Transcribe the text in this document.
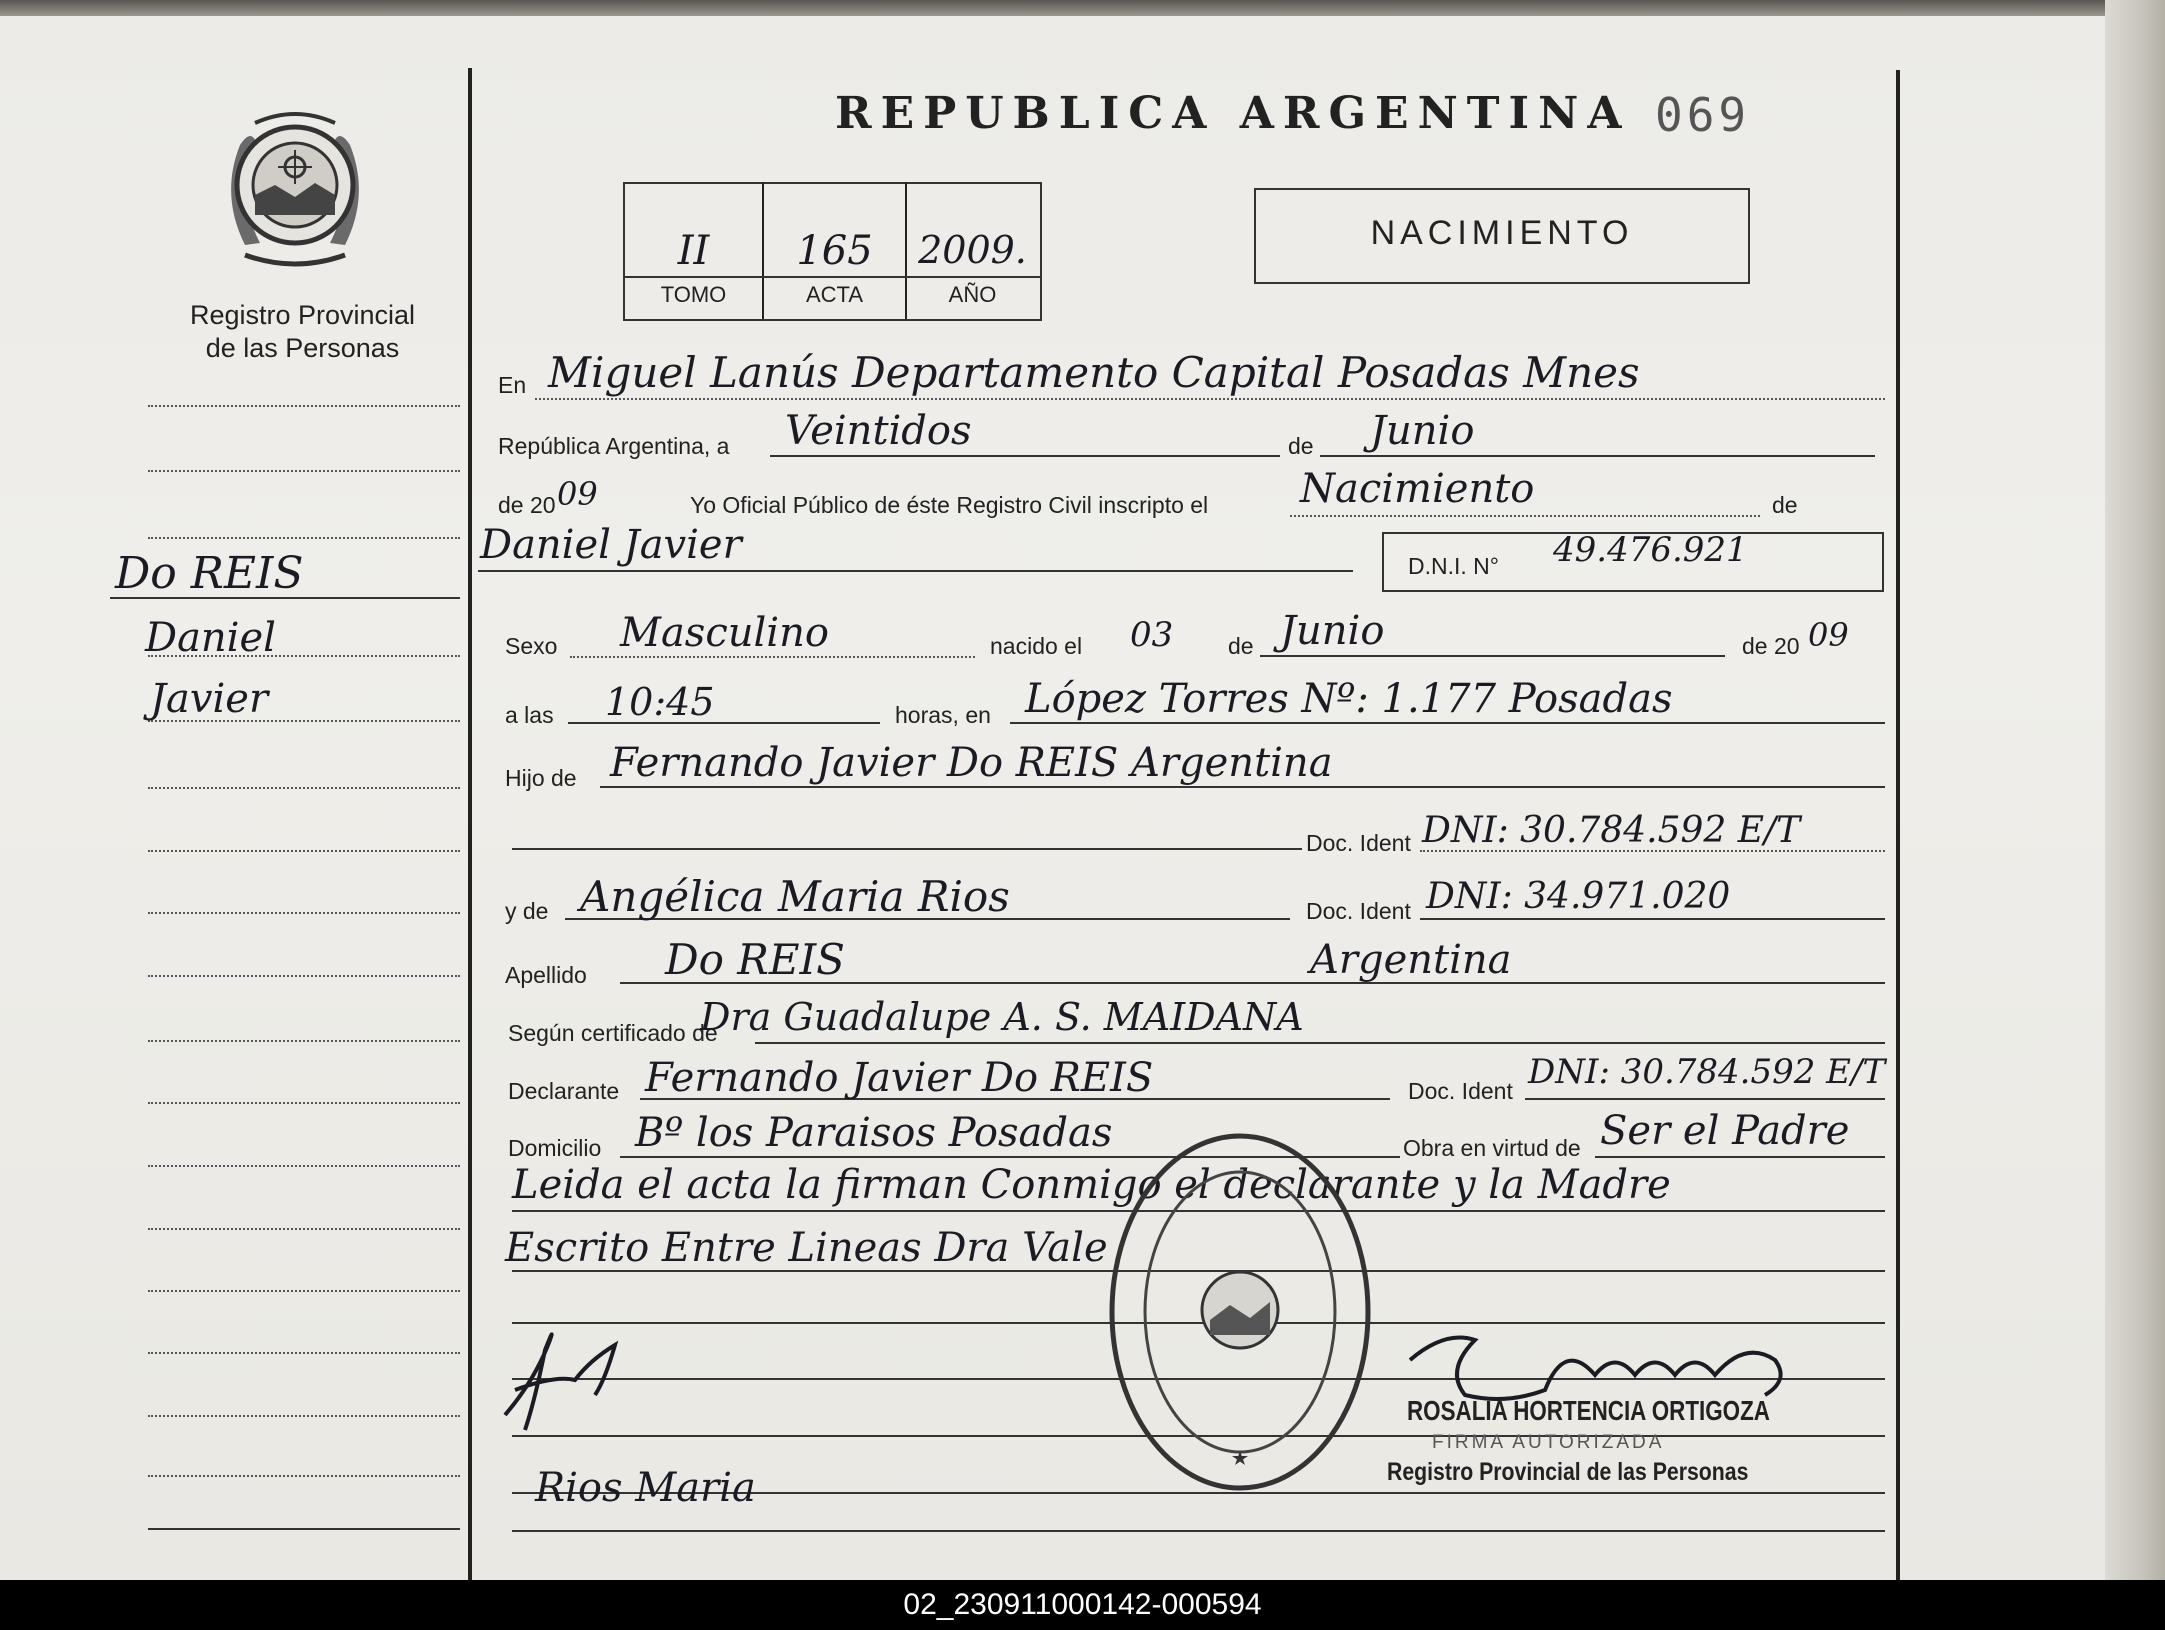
Registro Provincial
de las Personas
REPUBLICA ARGENTINA 069
II	165	2009.
TOMO	ACTA	AÑO
NACIMIENTO
Do REIS
Daniel
Javier
En Miguel Lanús Departamento Capital Posadas Mnes
República Argentina, a Veintidos	de Junio
de 20 09	Yo Oficial Público de éste Registro Civil inscripto el Nacimiento	de
Daniel Javier	D.N.I. N° 49.476.921
Sexo Masculino	nacido el 03 de Junio	de 20 09
a las 10:45	horas, en López Torres Nº: 1.177 Posadas
Hijo de Fernando Javier Do REIS Argentina
Doc. Ident DNI: 30.784.592 E/T
y de Angélica Maria Rios	Doc. Ident DNI: 34.971.020
Apellido Do REIS	Argentina
Según certificado de
Dra Guadalupe A. S. MAIDANA
Declarante Fernando Javier Do REIS	Doc. Ident DNI: 30.784.592 E/T
Domicilio Bº los Paraisos Posadas	Obra en virtud de Ser el Padre
Leida el acta la firman Conmigo el declarante y la Madre
Escrito Entre Lineas Dra Vale
Rios Maria
ROSALIA HORTENCIA ORTIGOZA
FIRMA AUTORIZADA
Registro Provincial de las Personas
02_230911000142-000594
